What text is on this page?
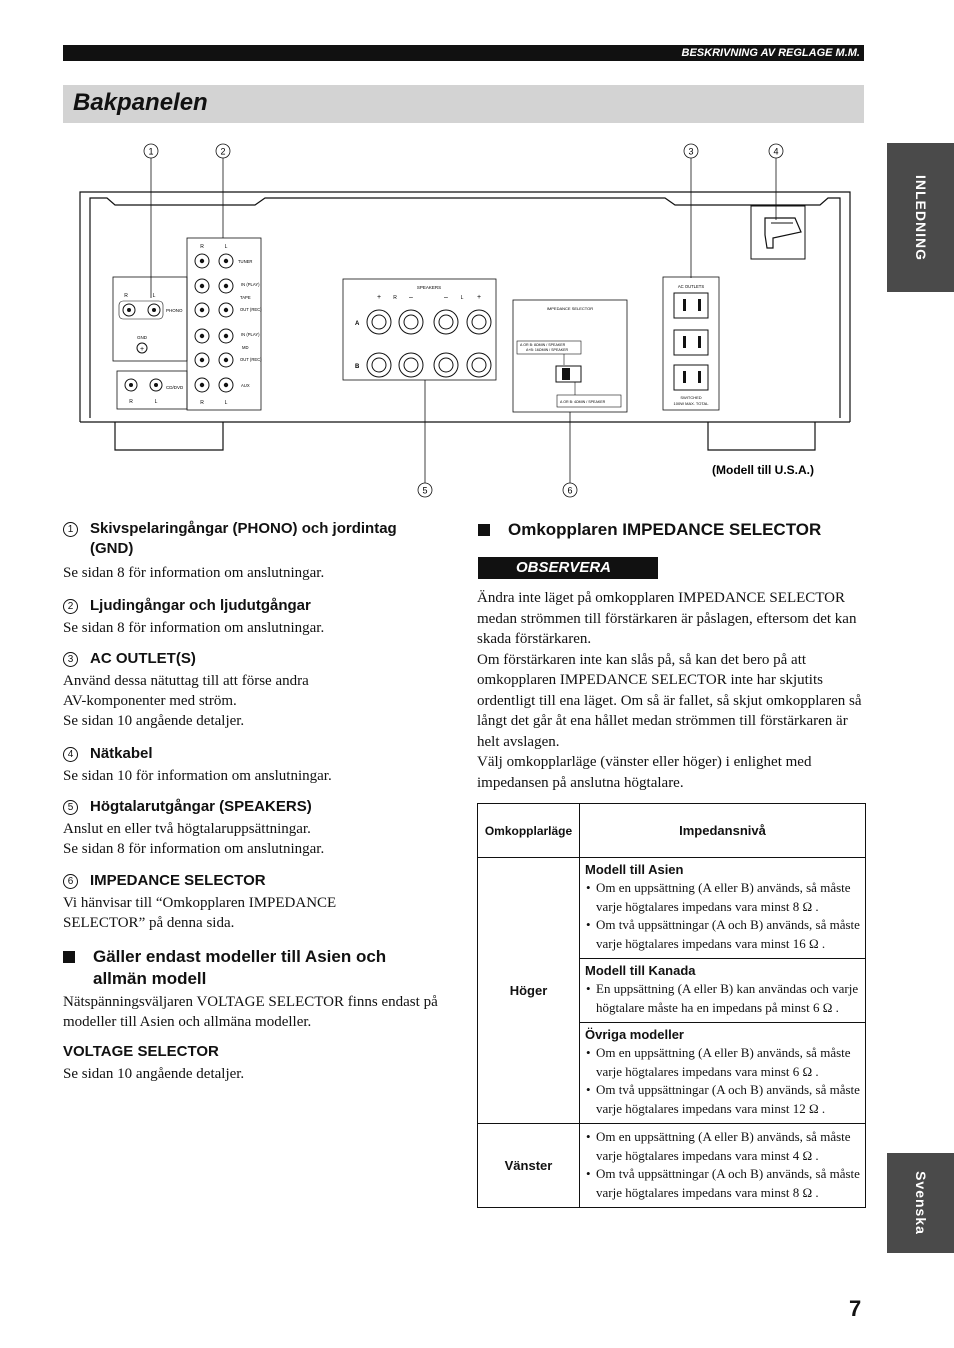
BESKRIVNING AV REGLAGE M.M.
Bakpanelen
INLEDNING
Svenska
1	2	3	4
R	L
PHONO
GND
+
CD/DVD
R	L
R	L
TUNER
IN (PLAY)
TAPE
OUT (REC)
IN (PLAY)
MD
OUT (REC)
AUX
R	L
SPEAKERS
+ R –	–	L +
A
B
IMPEDANCE SELECTOR
A OR B: 8ΩMIN / SPEAKER
A+B: 16ΩMIN / SPEAKER
A OR B: 4ΩMIN / SPEAKER
AC OUTLETS
SWITCHED
100W MAX. TOTAL
5	6
(Modell till U.S.A.)
1	Skivspelaringångar (PHONO) och jordintag (GND)
Se sidan 8 för information om anslutningar.
2	Ljudingångar och ljudutgångar
Se sidan 8 för information om anslutningar.
3	AC OUTLET(S)
Använd dessa nätuttag till att förse andra
AV-komponenter med ström.
Se sidan 10 angående detaljer.
4	Nätkabel
Se sidan 10 för information om anslutningar.
5	Högtalarutgångar (SPEAKERS)
Anslut en eller två högtalaruppsättningar.
Se sidan 8 för information om anslutningar.
6	IMPEDANCE SELECTOR
Vi hänvisar till “Omkopplaren IMPEDANCE
SELECTOR” på denna sida.
Gäller endast modeller till Asien och allmän modell
Nätspänningsväljaren VOLTAGE SELECTOR finns endast på modeller till Asien och allmäna modeller.
VOLTAGE SELECTOR
Se sidan 10 angående detaljer.
Omkopplaren IMPEDANCE SELECTOR
OBSERVERA
Ändra inte läget på omkopplaren IMPEDANCE SELECTOR medan strömmen till förstärkaren är påslagen, eftersom det kan skada förstärkaren.
Om förstärkaren inte kan slås på, så kan det bero på att omkopplaren IMPEDANCE SELECTOR inte har skjutits ordentligt till ena läget. Om så är fallet, så skjut omkopplaren så långt det går åt ena hållet medan strömmen till förstärkaren är helt avslagen.
Välj omkopplarläge (vänster eller höger) i enlighet med impedansen på anslutna högtalare.
Omkopplarläge	Impedansnivå
Höger	Modell till Asien
• Om en uppsättning (A eller B) används, så måste varje högtalares impedans vara minst 8 Ω .
• Om två uppsättningar (A och B) används, så måste varje högtalares impedans vara minst 16 Ω .

	Modell till Kanada
• En uppsättning (A eller B) kan användas och varje högtalare måste ha en impedans på minst 6 Ω .

	Övriga modeller
• Om en uppsättning (A eller B) används, så måste varje högtalares impedans vara minst 6 Ω .
• Om två uppsättningar (A och B) används, så måste varje högtalares impedans vara minst 12 Ω .

Vänster	• Om en uppsättning (A eller B) används, så måste varje högtalares impedans vara minst 4 Ω .
• Om två uppsättningar (A och B) används, så måste varje högtalares impedans vara minst 8 Ω .
7
